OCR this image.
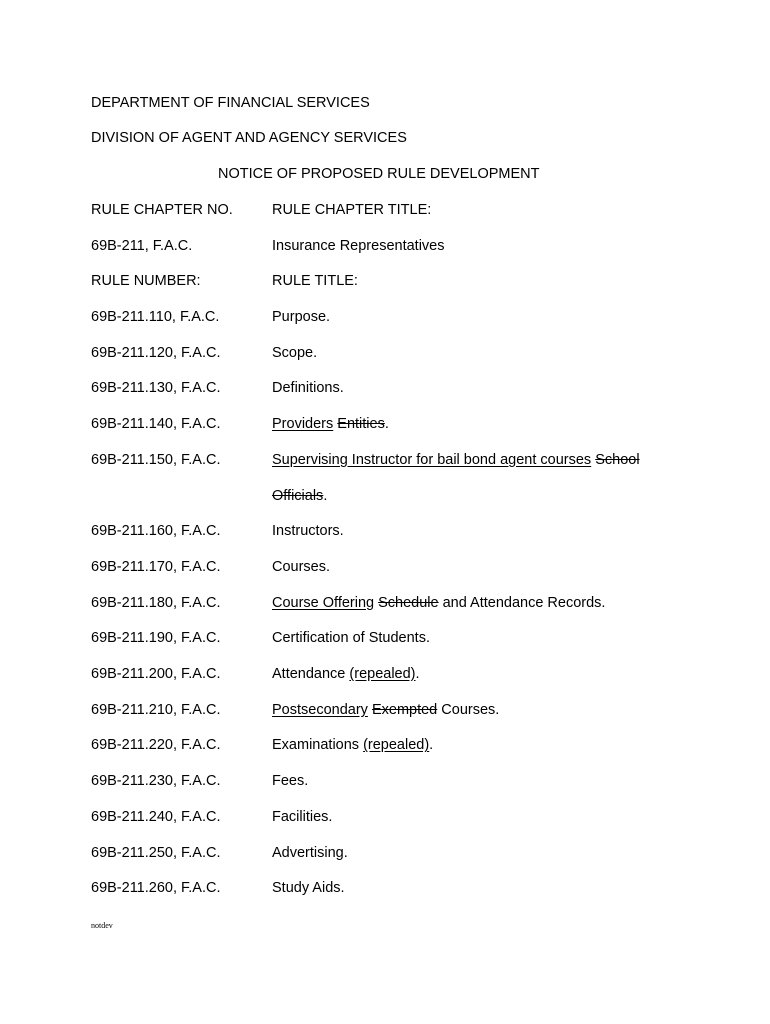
DEPARTMENT OF FINANCIAL SERVICES
DIVISION OF AGENT AND AGENCY SERVICES
NOTICE OF PROPOSED RULE DEVELOPMENT
RULE CHAPTER NO.	RULE CHAPTER TITLE:
69B-211, F.A.C.	Insurance Representatives
RULE NUMBER:	RULE TITLE:
69B-211.110, F.A.C.	Purpose.
69B-211.120, F.A.C.	Scope.
69B-211.130, F.A.C.	Definitions.
69B-211.140, F.A.C.	Providers Entities.
69B-211.150, F.A.C.	Supervising Instructor for bail bond agent courses School
Officials.
69B-211.160, F.A.C.	Instructors.
69B-211.170, F.A.C.	Courses.
69B-211.180, F.A.C.	Course Offering Schedule and Attendance Records.
69B-211.190, F.A.C.	Certification of Students.
69B-211.200, F.A.C.	Attendance (repealed).
69B-211.210, F.A.C.	Postsecondary Exempted Courses.
69B-211.220, F.A.C.	Examinations (repealed).
69B-211.230, F.A.C.	Fees.
69B-211.240, F.A.C.	Facilities.
69B-211.250, F.A.C.	Advertising.
69B-211.260, F.A.C.	Study Aids.
notdev
